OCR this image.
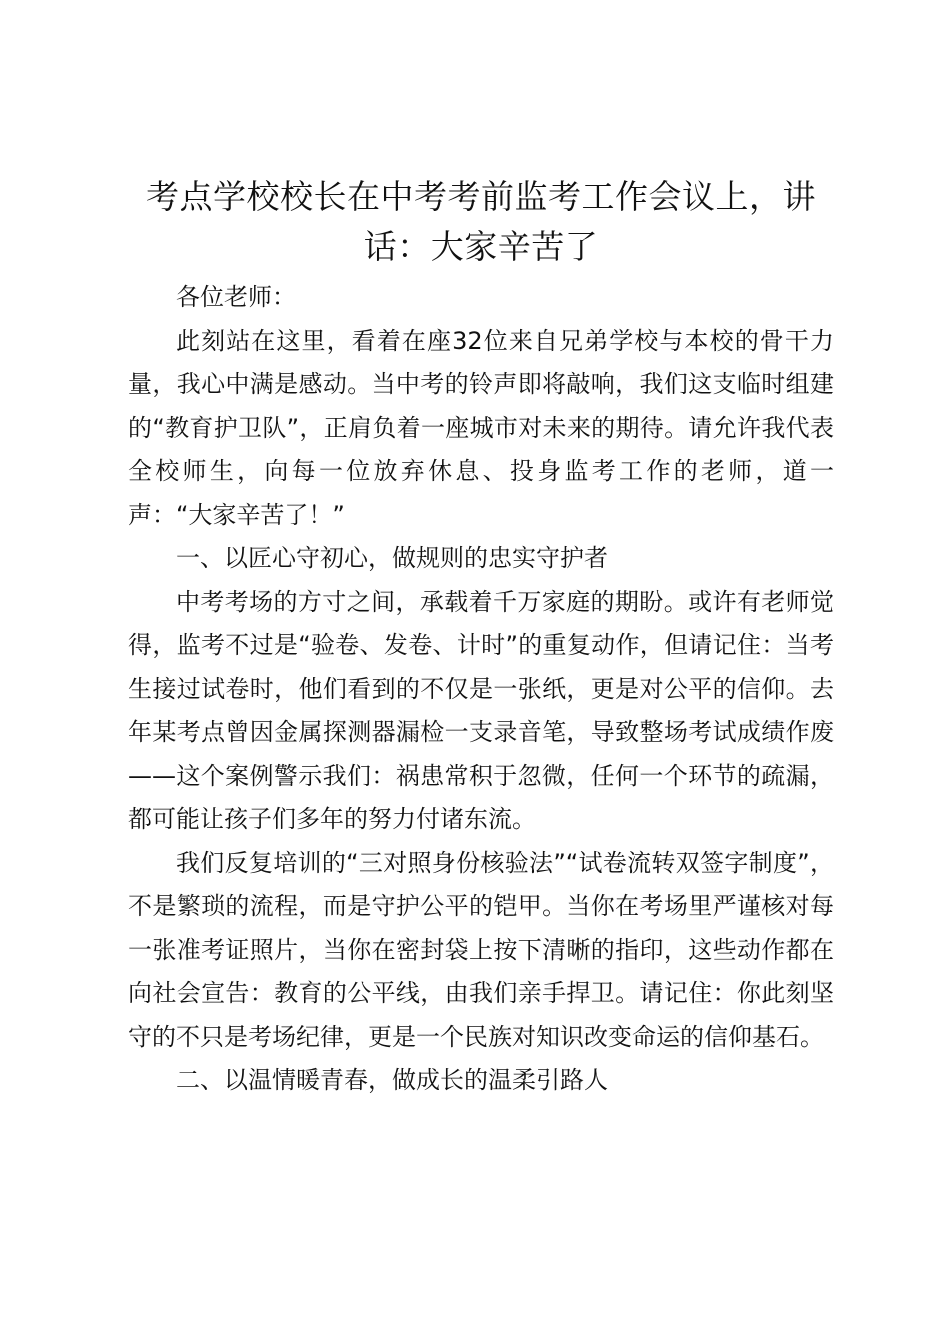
考点学校校长在中考考前监考工作会议上，讲话：大家辛苦了

各位老师：

此刻站在这里，看着在座32位来自兄弟学校与本校的骨干力量，我心中满是感动。当中考的铃声即将敲响，我们这支临时组建的“教育护卫队”，正肩负着一座城市对未来的期待。请允许我代表全校师生，向每一位放弃休息、投身监考工作的老师，道一声：“大家辛苦了！”

一、以匠心守初心，做规则的忠实守护者

中考考场的方寸之间，承载着千万家庭的期盼。或许有老师觉得，监考不过是“验卷、发卷、计时”的重复动作，但请记住：当考生接过试卷时，他们看到的不仅是一张纸，更是对公平的信仰。去年某考点曾因金属探测器漏检一支录音笔，导致整场考试成绩作废——这个案例警示我们：祸患常积于忽微，任何一个环节的疏漏，都可能让孩子们多年的努力付诸东流。

我们反复培训的“三对照身份核验法”“试卷流转双签字制度”，不是繁琐的流程，而是守护公平的铠甲。当你在考场里严谨核对每一张准考证照片，当你在密封袋上按下清晰的指印，这些动作都在向社会宣告：教育的公平线，由我们亲手捍卫。请记住：你此刻坚守的不只是考场纪律，更是一个民族对知识改变命运的信仰基石。

二、以温情暖青春，做成长的温柔引路人
